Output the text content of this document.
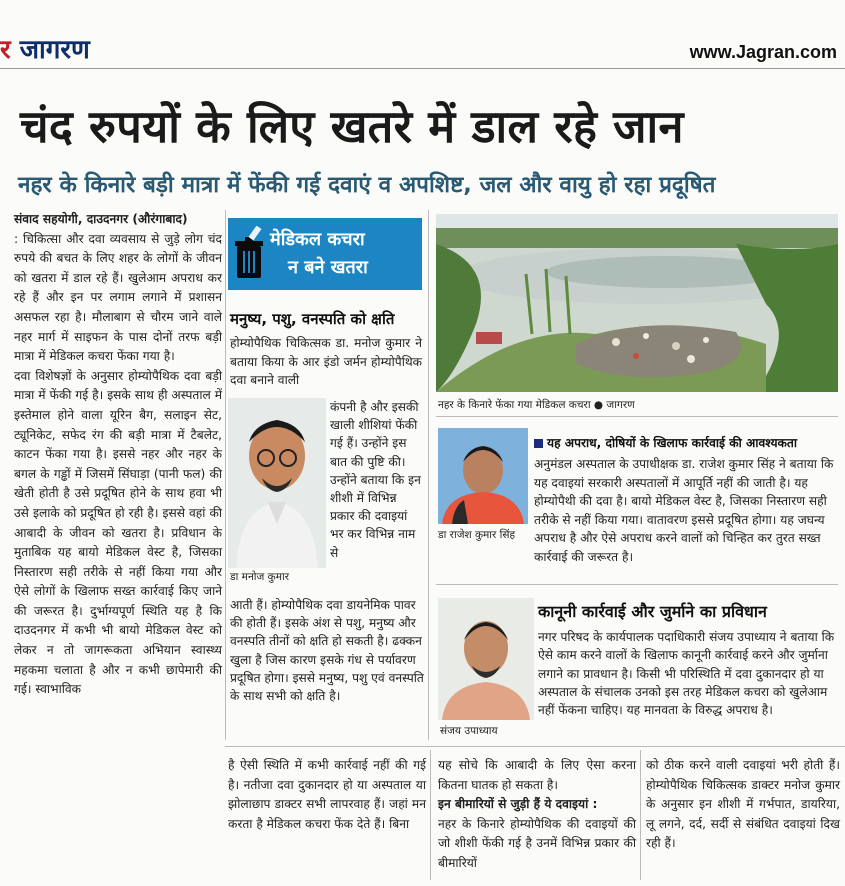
र जागरण	www.Jagran.com
चंद रुपयों के लिए खतरे में डाल रहे जान
नहर के किनारे बड़ी मात्रा में फेंकी गई दवाएं व अपशिष्ट, जल और वायु हो रहा प्रदूषित

संवाद सहयोगी, दाउदनगर (औरंगाबाद)

: चिकित्सा और दवा व्यवसाय से जुड़े लोग चंद रुपये की बचत के लिए शहर के लोगों के जीवन को खतरा में डाल रहे हैं। खुलेआम अपराध कर रहे हैं और इन पर लगाम लगाने में प्रशासन असफल रहा है। मौलाबाग से चौरम जाने वाले नहर मार्ग में साइफन के पास दोनों तरफ बड़ी मात्रा में मेडिकल कचरा फेंका गया है।

दवा विशेषज्ञों के अनुसार होम्योपैथिक दवा बड़ी मात्रा में फेंकी गई है। इसके साथ ही अस्पताल में इस्तेमाल होने वाला यूरिन बैग, सलाइन सेट, ट्यूनिकेट, सफेद रंग की बड़ी मात्रा में टैबलेट, काटन फेंका गया है। इससे नहर और नहर के बगल के गड्ढों में जिसमें सिंघाड़ा (पानी फल) की खेती होती है उसे प्रदूषित होने के साथ हवा भी उसे इलाके को प्रदूषित हो रही है। इससे वहां की आबादी के जीवन को खतरा है। प्रविधान के मुताबिक यह बायो मेडिकल वेस्ट है, जिसका निस्तारण सही तरीके से नहीं किया गया और ऐसे लोगों के खिलाफ सख्त कार्रवाई किए जाने की जरूरत है। दुर्भाग्यपूर्ण स्थिति यह है कि दाउदनगर में कभी भी बायो मेडिकल वेस्ट को लेकर न तो जागरूकता अभियान स्वास्थ्य महकमा चलाता है और न कभी छापेमारी की गई। स्वाभाविक

मेडिकल कचरा
न बने खतरा
मनुष्य, पशु, वनस्पति को क्षति
होम्योपैथिक चिकित्सक डा. मनोज कुमार ने बताया किया के आर इंडो जर्मन होम्योपैथिक दवा बनाने वाली
डा मनोज कुमार
कंपनी है और इसकी खाली शीशियां फेंकी गई हैं। उन्होंने इस बात की पुष्टि की। उन्होंने बताया कि इन शीशी में विभिन्न प्रकार की दवाइयां भर कर विभिन्न नाम से
आती हैं। होम्योपैथिक दवा डायनेमिक पावर की होती हैं। इसके अंश से पशु, मनुष्य और वनस्पति तीनों को क्षति हो सकती है। ढक्कन खुला है जिस कारण इसके गंध से पर्यावरण प्रदूषित होगा। इससे मनुष्य, पशु एवं वनस्पति के साथ सभी को क्षति है।
नहर के किनारे फेंका गया मेडिकल कचरा ● जागरण
डा राजेश कुमार सिंह
यह अपराध, दोषियों के खिलाफ कार्रवाई की आवश्यकता
अनुमंडल अस्पताल के उपाधीक्षक डा. राजेश कुमार सिंह ने बताया कि यह दवाइयां सरकारी अस्पतालों में आपूर्ति नहीं की जाती है। यह होम्योपैथी की दवा है। बायो मेडिकल वेस्ट है, जिसका निस्तारण सही तरीके से नहीं किया गया। वातावरण इससे प्रदूषित होगा। यह जघन्य अपराध है और ऐसे अपराध करने वालों को चिन्हित कर तुरत सख्त कार्रवाई की जरूरत है।
संजय उपाध्याय
कानूनी कार्रवाई और जुर्माने का प्रविधान
नगर परिषद के कार्यपालक पदाधिकारी संजय उपाध्याय ने बताया कि ऐसे काम करने वालों के खिलाफ कानूनी कार्रवाई करने और जुर्माना लगाने का प्रावधान है। किसी भी परिस्थिति में दवा दुकानदार हो या अस्पताल के संचालक उनको इस तरह मेडिकल कचरा को खुलेआम नहीं फेंकना चाहिए। यह मानवता के विरुद्ध अपराध है।
है ऐसी स्थिति में कभी कार्रवाई नहीं की गई है। नतीजा दवा दुकानदार हो या अस्पताल या झोलाछाप डाक्टर सभी लापरवाह हैं। जहां मन करता है मेडिकल कचरा फेंक देते हैं। बिना

यह सोचे कि आबादी के लिए ऐसा करना कितना घातक हो सकता है।

इन बीमारियों से जुड़ी हैं ये दवाइयां :

नहर के किनारे होम्योपैथिक की दवाइयों की जो शीशी फेंकी गई है उनमें विभिन्न प्रकार की बीमारियों

को ठीक करने वाली दवाइयां भरी होती हैं। होम्योपैथिक चिकित्सक डाक्टर मनोज कुमार के अनुसार इन शीशी में गर्भपात, डायरिया, लू लगने, दर्द, सर्दी से संबंधित दवाइयां दिख रही हैं।
